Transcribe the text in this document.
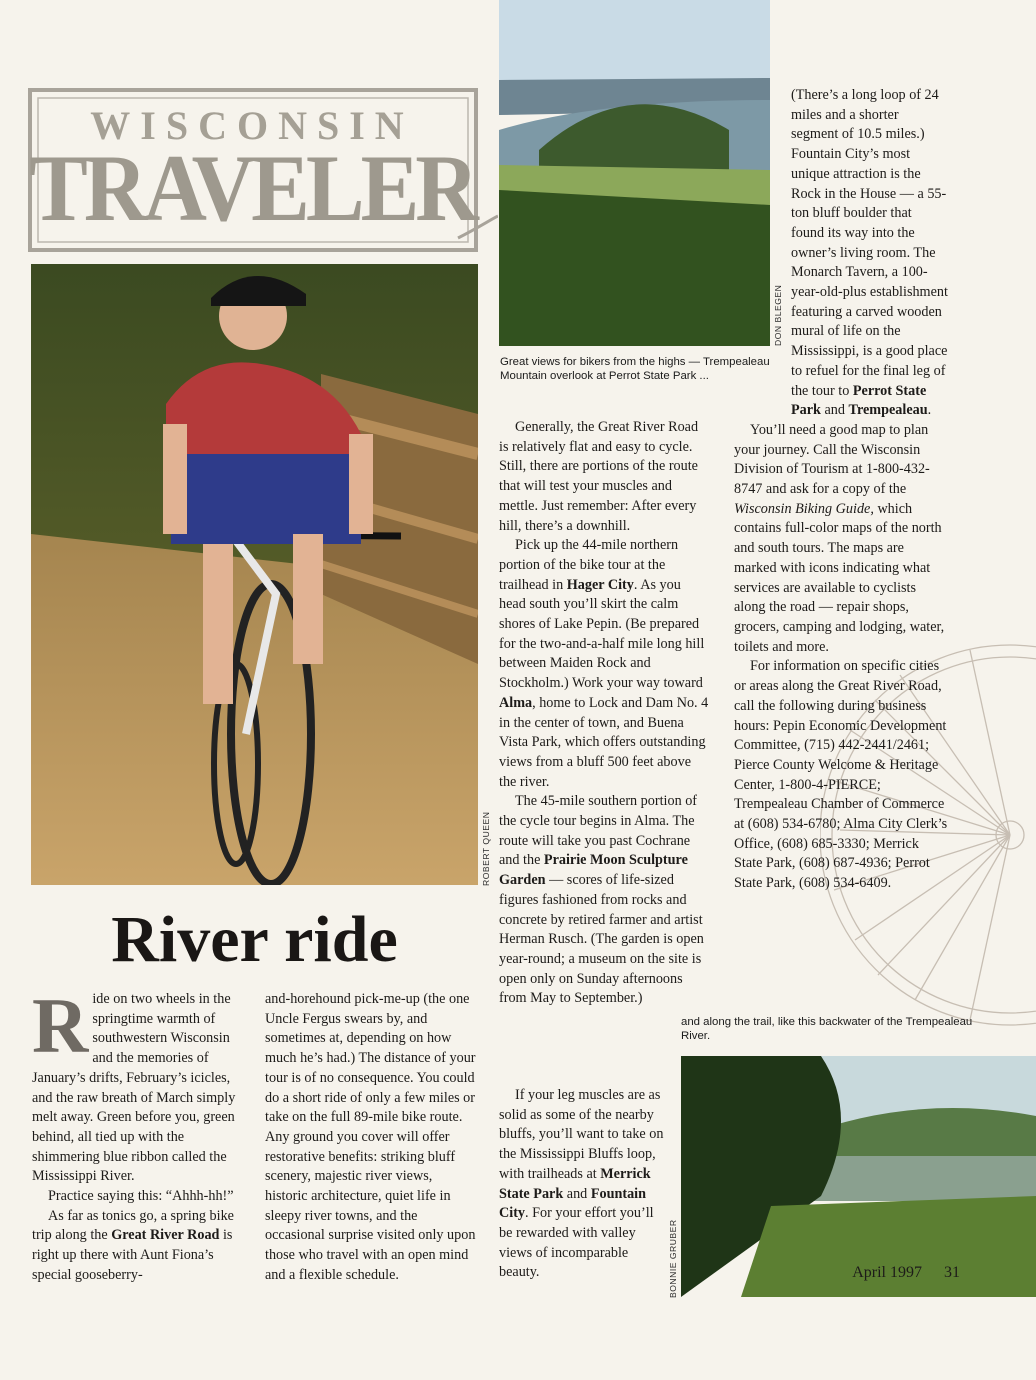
WISCONSIN
TRAVELER
ROBERT QUEEN
DON BLEGEN
Great views for bikers from the highs — Trempealeau Mountain overlook at Perrot State Park ...
BONNIE GRUBER
and along the trail, like this backwater of the Trempealeau River.
River ride
R ide on two wheels in the springtime warmth of southwestern Wisconsin and the memories of January’s drifts, February’s icicles, and the raw breath of March simply melt away. Green before you, green behind, all tied up with the shimmering blue ribbon called the Mississippi River.

Practice saying this: “Ahhh-hh!”

As far as tonics go, a spring bike trip along the Great River Road is right up there with Aunt Fiona’s special gooseberry-

and-horehound pick-me-up (the one Uncle Fergus swears by, and sometimes at, depending on how much he’s had.) The distance of your tour is of no consequence. You could do a short ride of only a few miles or take on the full 89-mile bike route. Any ground you cover will offer restorative benefits: striking bluff scenery, majestic river views, historic architecture, quiet life in sleepy river towns, and the occasional surprise visited only upon those who travel with an open mind and a flexible schedule.

Generally, the Great River Road is relatively flat and easy to cycle. Still, there are portions of the route that will test your muscles and mettle. Just remember: After every hill, there’s a downhill.

Pick up the 44-mile northern portion of the bike tour at the trailhead in Hager City. As you head south you’ll skirt the calm shores of Lake Pepin. (Be prepared for the two-and-a-half mile long hill between Maiden Rock and Stockholm.) Work your way toward Alma, home to Lock and Dam No. 4 in the center of town, and Buena Vista Park, which offers outstanding views from a bluff 500 feet above the river.

The 45-mile southern portion of the cycle tour begins in Alma. The route will take you past Cochrane and the Prairie Moon Sculpture Garden — scores of life-sized figures fashioned from rocks and concrete by retired farmer and artist Herman Rusch. (The garden is open year-round; a museum on the site is open only on Sunday afternoons from May to September.)

If your leg muscles are as solid as some of the nearby bluffs, you’ll want to take on the Mississippi Bluffs loop, with trailheads at Merrick State Park and Fountain City. For your effort you’ll be rewarded with valley views of incomparable beauty.

(There’s a long loop of 24 miles and a shorter segment of 10.5 miles.) Fountain City’s most unique attraction is the Rock in the House — a 55-ton bluff boulder that found its way into the owner’s living room. The Monarch Tavern, a 100-year-old-plus establishment featuring a carved wooden mural of life on the Mississippi, is a good place to refuel for the final leg of the tour to Perrot State Park and Trempealeau.

You’ll need a good map to plan your journey. Call the Wisconsin Division of Tourism at 1-800-432-8747 and ask for a copy of the Wisconsin Biking Guide, which contains full-color maps of the north and south tours. The maps are marked with icons indicating what services are available to cyclists along the road — repair shops, grocers, camping and lodging, water, toilets and more.

For information on specific cities or areas along the Great River Road, call the following during business hours: Pepin Economic Development Committee, (715) 442-2441/2461; Pierce County Welcome & Heritage Center, 1-800-4-PIERCE; Trempealeau Chamber of Commerce at (608) 534-6780; Alma City Clerk’s Office, (608) 685-3330; Merrick State Park, (608) 687-4936; Perrot State Park, (608) 534-6409.

April 1997 31
